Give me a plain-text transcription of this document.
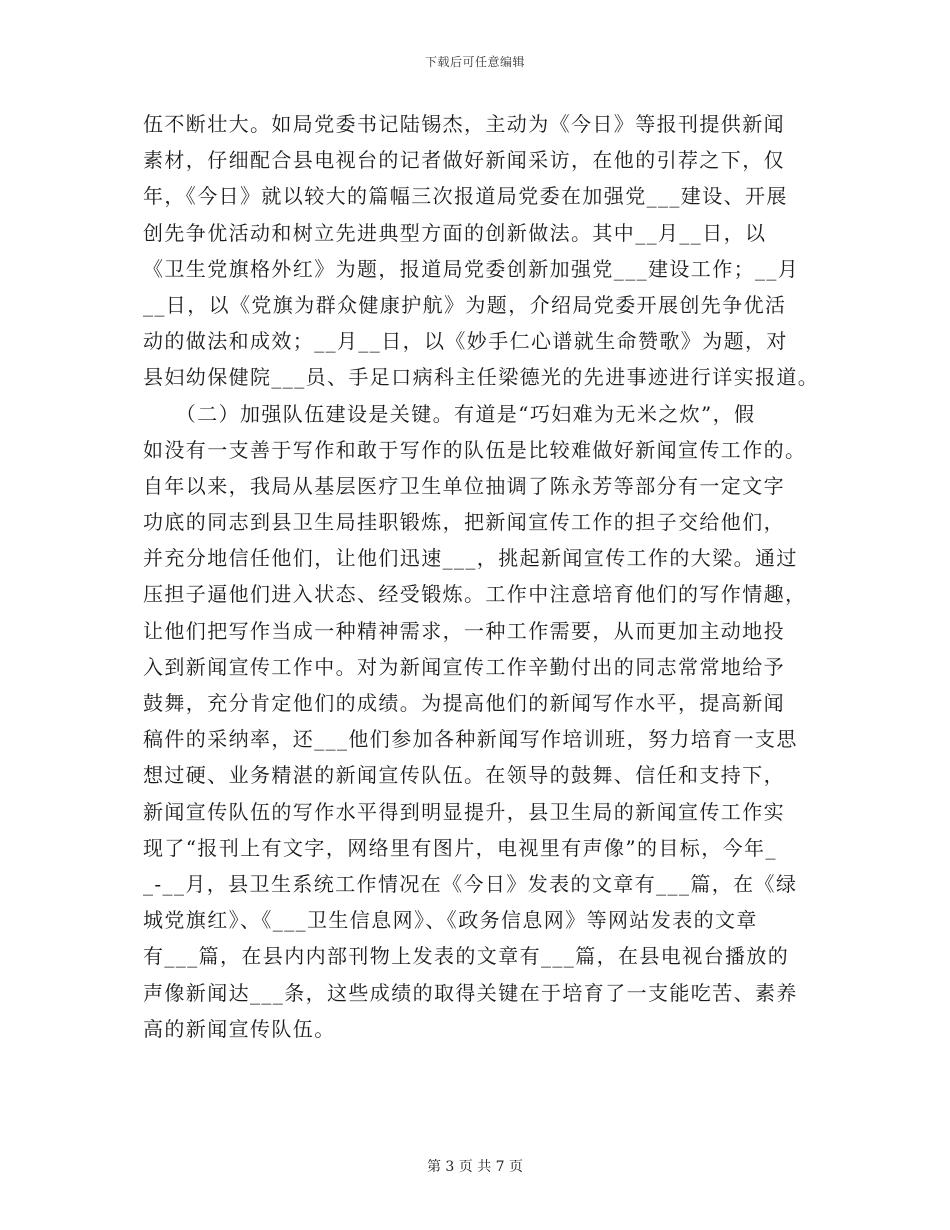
下载后可任意编辑
伍不断壮大。如局党委书记陆锡杰，主动为《今日》等报刊提供新闻
素材，仔细配合县电视台的记者做好新闻采访，在他的引荐之下，仅
年，《今日》就以较大的篇幅三次报道局党委在加强党___建设、开展
创先争优活动和树立先进典型方面的创新做法。其中__月__日，以
《卫生党旗格外红》为题，报道局党委创新加强党___建设工作；__月
__日，以《党旗为群众健康护航》为题，介绍局党委开展创先争优活
动的做法和成效；__月__日，以《妙手仁心谱就生命赞歌》为题，对
县妇幼保健院___员、手足口病科主任梁德光的先进事迹进行详实报道。
　　（二）加强队伍建设是关键。有道是“巧妇难为无米之炊”，假
如没有一支善于写作和敢于写作的队伍是比较难做好新闻宣传工作的。
自年以来，我局从基层医疗卫生单位抽调了陈永芳等部分有一定文字
功底的同志到县卫生局挂职锻炼，把新闻宣传工作的担子交给他们，
并充分地信任他们，让他们迅速___，挑起新闻宣传工作的大梁。通过
压担子逼他们进入状态、经受锻炼。工作中注意培育他们的写作情趣，
让他们把写作当成一种精神需求，一种工作需要，从而更加主动地投
入到新闻宣传工作中。对为新闻宣传工作辛勤付出的同志常常地给予
鼓舞，充分肯定他们的成绩。为提高他们的新闻写作水平，提高新闻
稿件的采纳率，还___他们参加各种新闻写作培训班，努力培育一支思
想过硬、业务精湛的新闻宣传队伍。在领导的鼓舞、信任和支持下，
新闻宣传队伍的写作水平得到明显提升，县卫生局的新闻宣传工作实
现了“报刊上有文字，网络里有图片，电视里有声像”的目标，今年_
_-__月，县卫生系统工作情况在《今日》发表的文章有___篇，在《绿
城党旗红》、《___卫生信息网》、《政务信息网》等网站发表的文章
有___篇，在县内内部刊物上发表的文章有___篇，在县电视台播放的
声像新闻达___条，这些成绩的取得关键在于培育了一支能吃苦、素养
高的新闻宣传队伍。
第 3 页 共 7 页
